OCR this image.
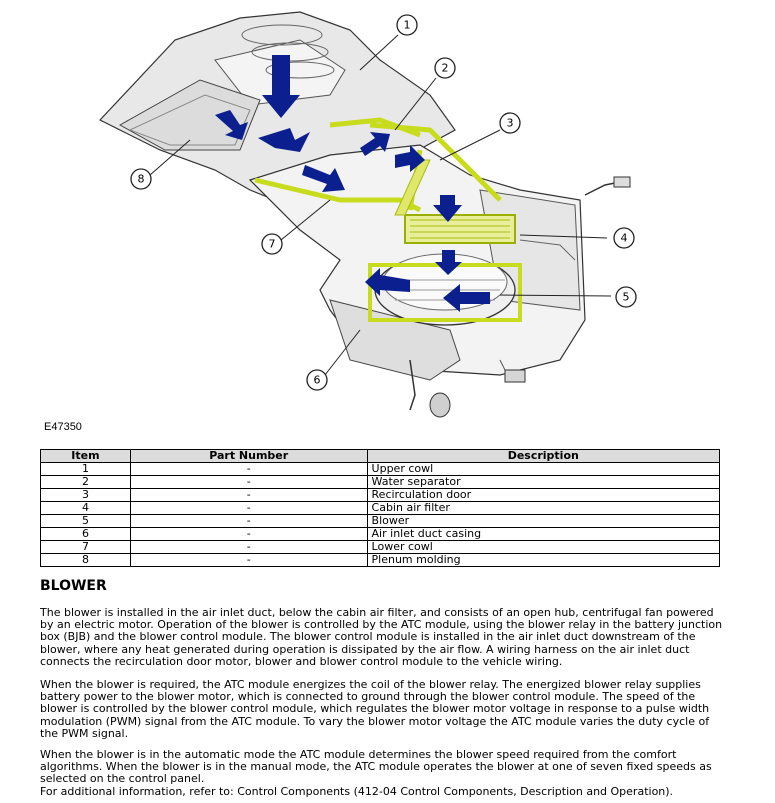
1
2
3
4
5
6
7
8
E47350
Item	Part Number	Description
1	-	Upper cowl
2	-	Water separator
3	-	Recirculation door
4	-	Cabin air filter
5	-	Blower
6	-	Air inlet duct casing
7	-	Lower cowl
8	-	Plenum molding
BLOWER

The blower is installed in the air inlet duct, below the cabin air filter, and consists of an open hub, centrifugal fan powered by an electric motor. Operation of the blower is controlled by the ATC module, using the blower relay in the battery junction box (BJB) and the blower control module. The blower control module is installed in the air inlet duct downstream of the blower, where any heat generated during operation is dissipated by the air flow. A wiring harness on the air inlet duct connects the recirculation door motor, blower and blower control module to the vehicle wiring.

When the blower is required, the ATC module energizes the coil of the blower relay. The energized blower relay supplies battery power to the blower motor, which is connected to ground through the blower control module. The speed of the blower is controlled by the blower control module, which regulates the blower motor voltage in response to a pulse width modulation (PWM) signal from the ATC module. To vary the blower motor voltage the ATC module varies the duty cycle of the PWM signal.

When the blower is in the automatic mode the ATC module determines the blower speed required from the comfort algorithms. When the blower is in the manual mode, the ATC module operates the blower at one of seven fixed speeds as selected on the control panel.

For additional information, refer to: Control Components (412-04 Control Components, Description and Operation).
